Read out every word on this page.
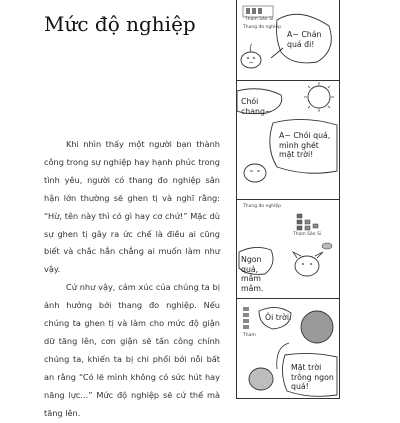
Mức độ nghiệp

Khi nhìn thấy một người bạn thành công trong sự nghiệp hay hạnh phúc trong tình yêu, người có thang đo nghiệp sân hận lớn thường sẽ ghen tị và nghĩ rằng: “Hừ, tên này thì có gì hay cơ chứ!” Mặc dù sự ghen tị gây ra ức chế là điều ai cũng biết và chắc hẳn chẳng ai muốn làm như vậy.

Cứ như vậy, cảm xúc của chúng ta bị ảnh hưởng bởi thang đo nghiệp. Nếu chúng ta ghen tị và làm cho mức độ giận dữ tăng lên, cơn giận sẽ tấn công chính chúng ta, khiến ta bị chi phối bởi nỗi bất an rằng “Có lẽ mình không có sức hút hay năng lực...” Mức độ nghiệp sẽ cứ thế mà tăng lên.

Tham Sân Si
Thang đo nghiệp
A~ Chán quá đi!
Chói chang~
A~ Chói quá, mình ghét mặt trời!
Thang đo nghiệp
Tham Sân Si
Ngon quá, mâm mâm.
Ôi trời.
Tham
Mặt trời trông ngon quá!
